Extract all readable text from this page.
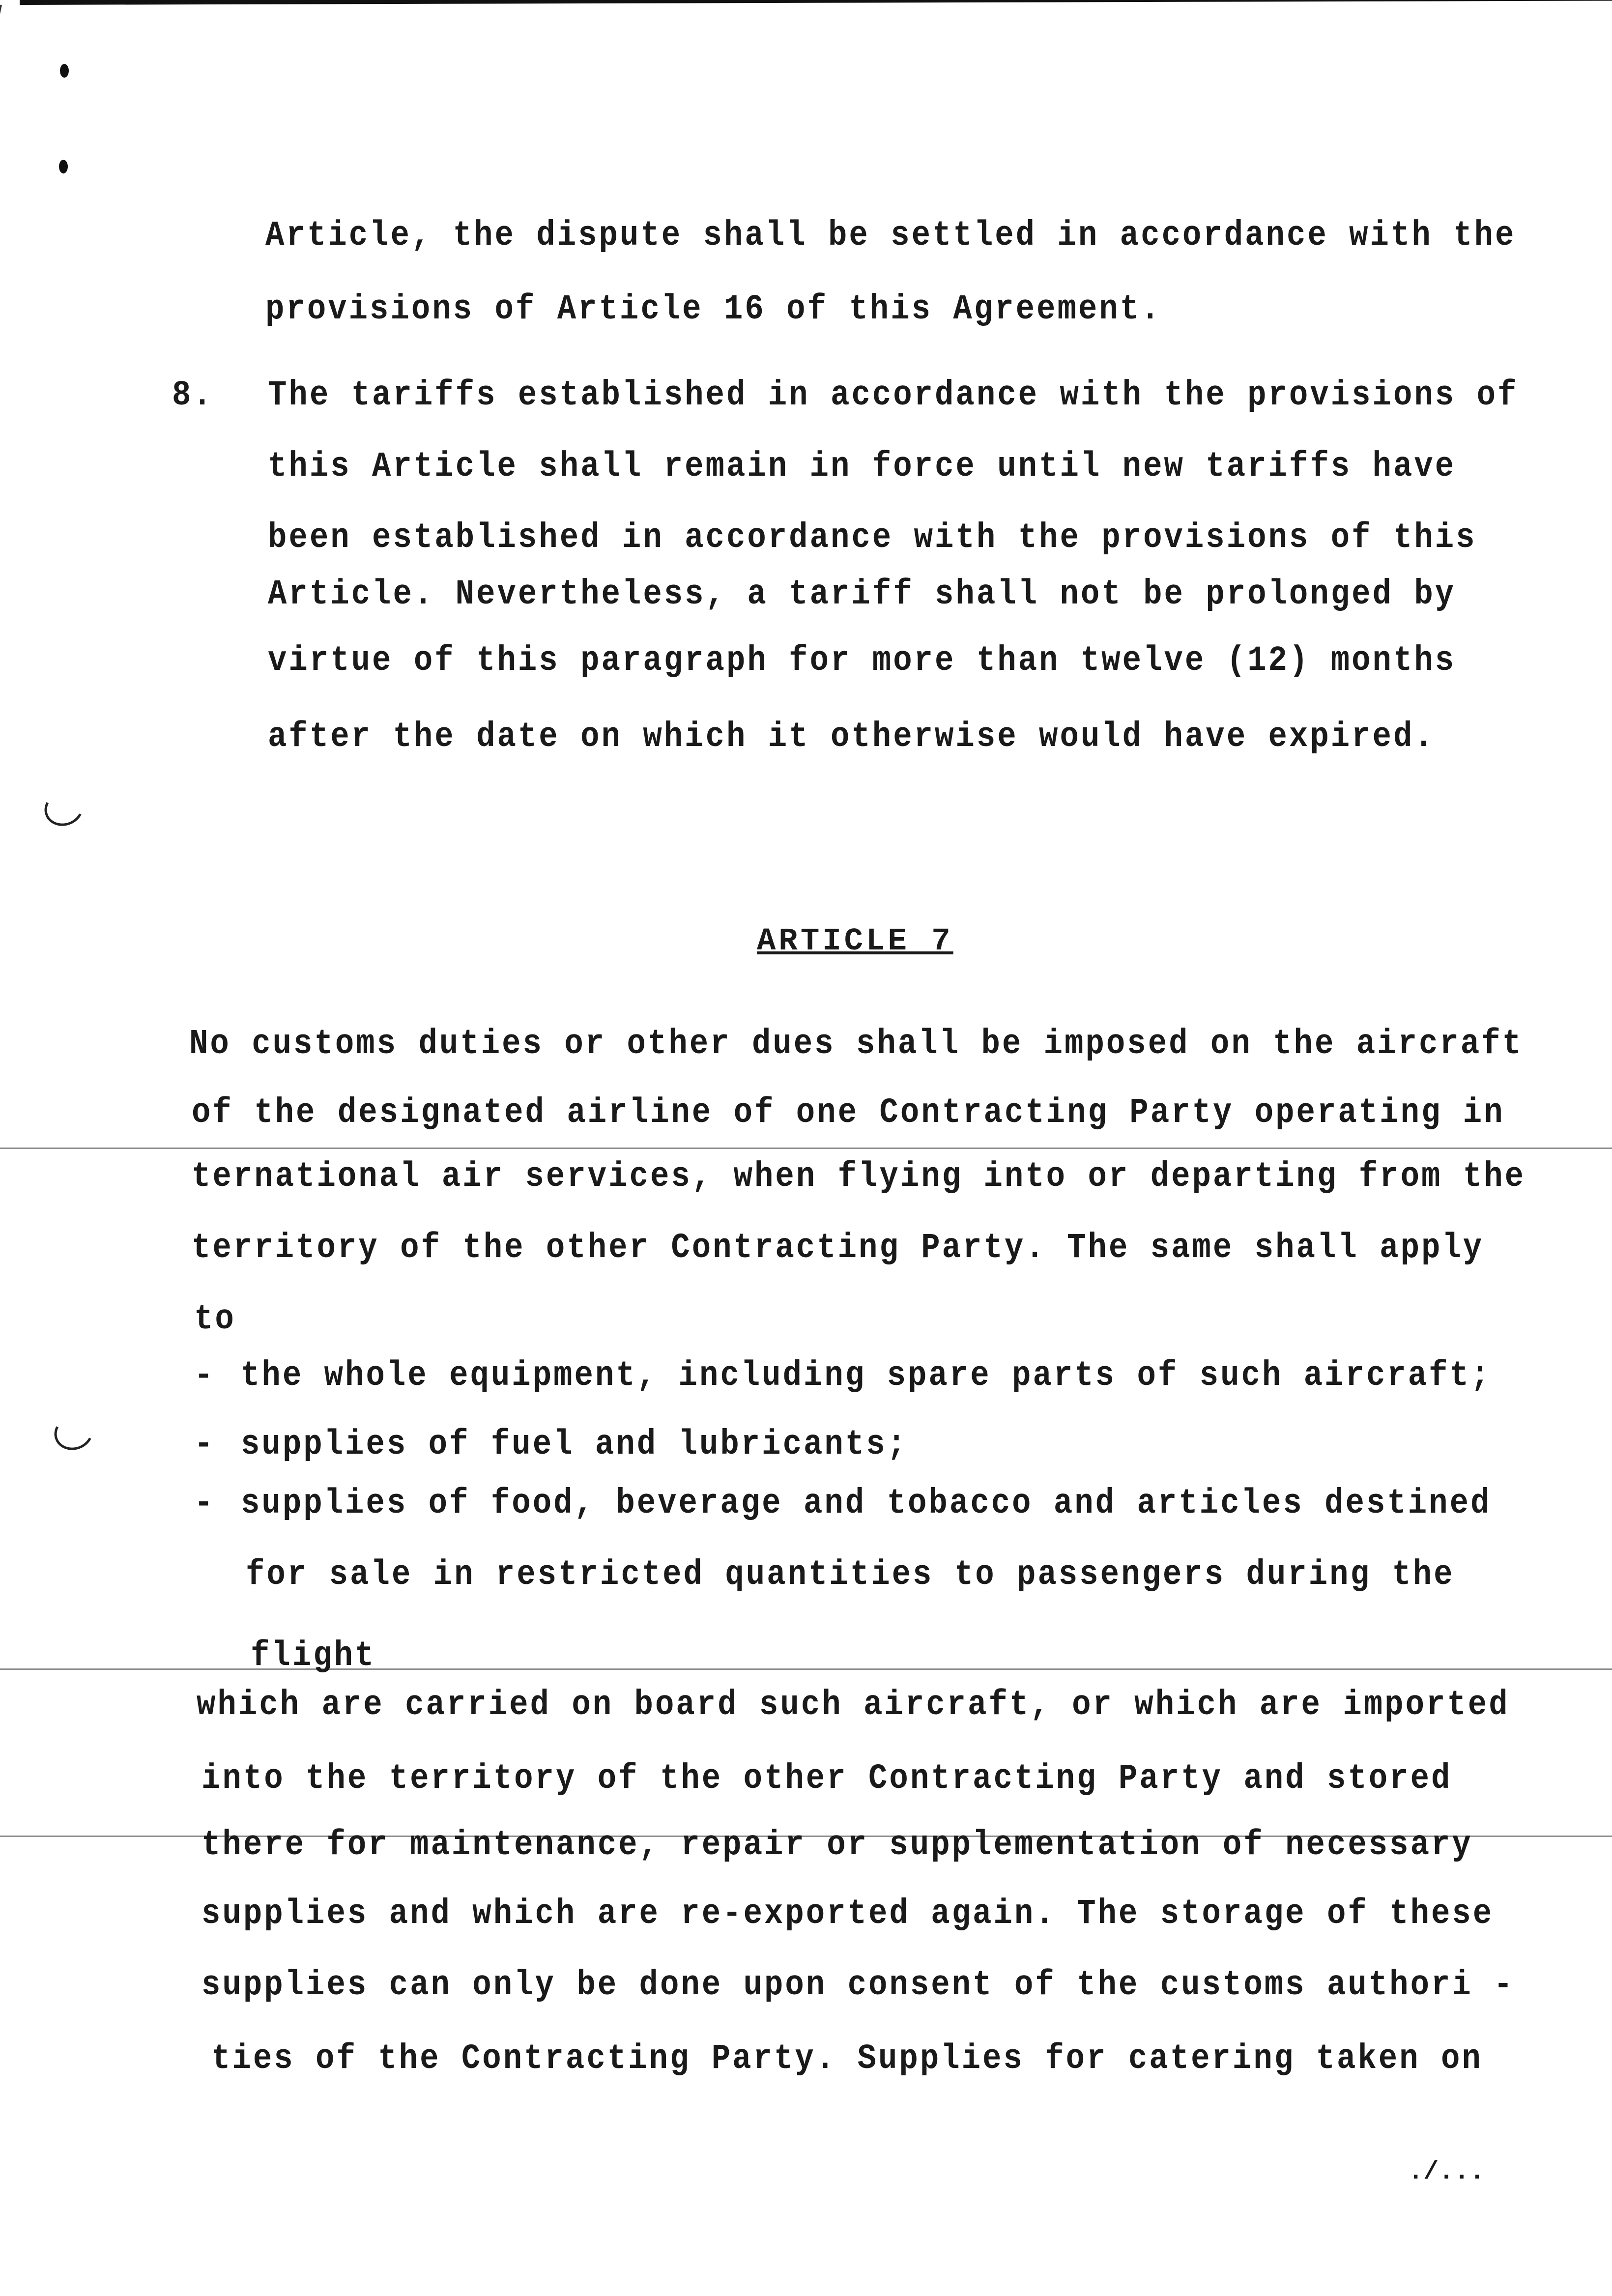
Article, the dispute shall be settled in accordance with the
provisions of Article 16 of this Agreement.
8. The tariffs established in accordance with the provisions of
this Article shall remain in force until new tariffs have
been established in accordance with the provisions of this
Article. Nevertheless, a tariff shall not be prolonged by
virtue of this paragraph for more than twelve (12) months
after the date on which it otherwise would have expired.
ARTICLE 7
No customs duties or other dues shall be imposed on the aircraft
of the designated airline of one Contracting Party operating in
ternational air services, when flying into or departing from the
territory of the other Contracting Party. The same shall apply
to
- the whole equipment, including spare parts of such aircraft;
- supplies of fuel and lubricants;
- supplies of food, beverage and tobacco and articles destined
for sale in restricted quantities to passengers during the
flight
which are carried on board such aircraft, or which are imported
into the territory of the other Contracting Party and stored
there for maintenance, repair or supplementation of necessary
supplies and which are re-exported again. The storage of these
supplies can only be done upon consent of the customs authori -
ties of the Contracting Party. Supplies for catering taken on
./...
